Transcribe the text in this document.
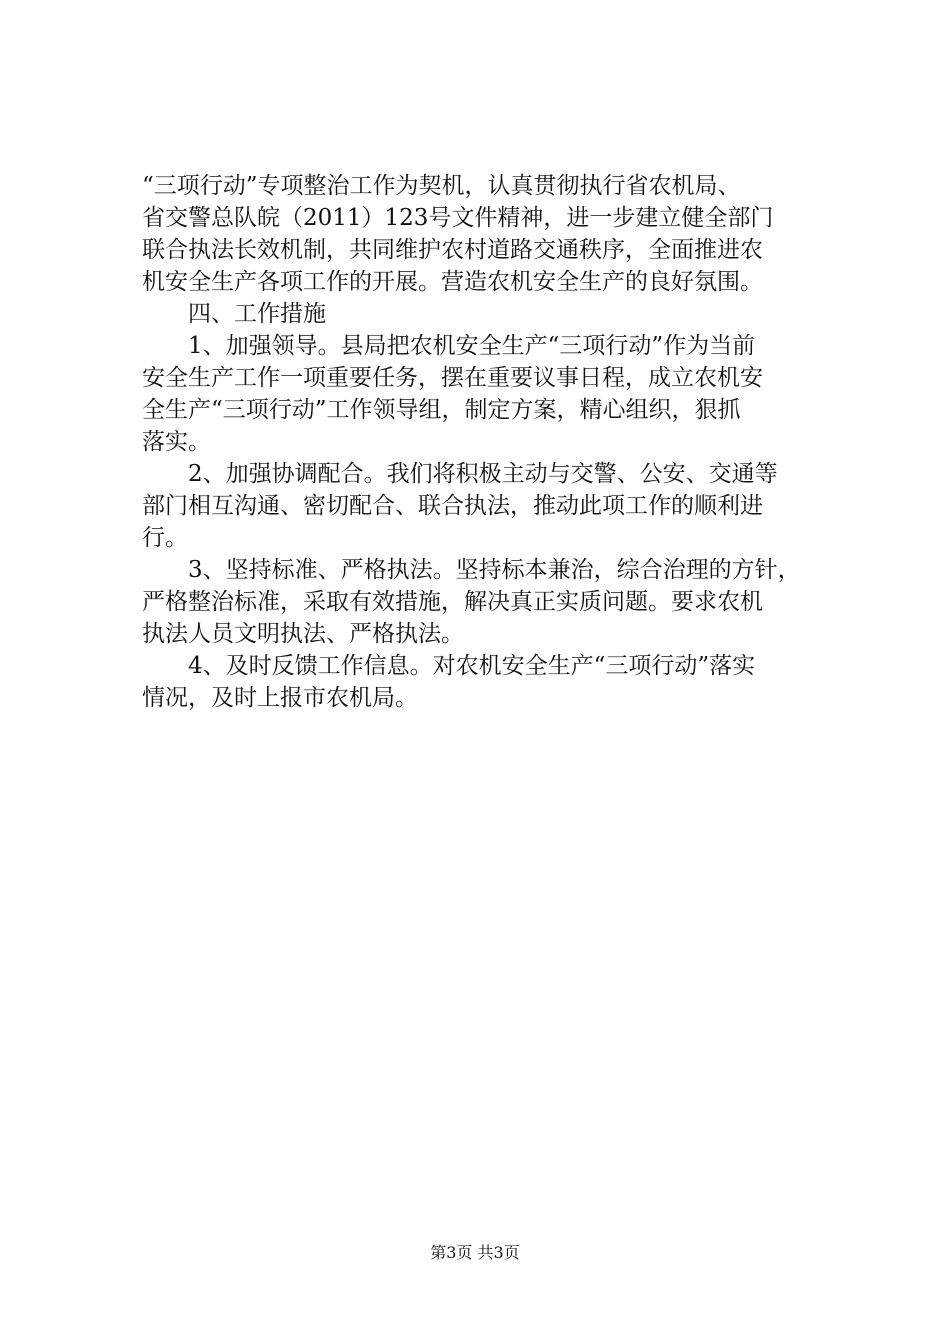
“三项行动”专项整治工作为契机，认真贯彻执行省农机局、
省交警总队皖（2011）123号文件精神，进一步建立健全部门
联合执法长效机制，共同维护农村道路交通秩序，全面推进农
机安全生产各项工作的开展。营造农机安全生产的良好氛围。
四、工作措施
1、加强领导。县局把农机安全生产“三项行动”作为当前
安全生产工作一项重要任务，摆在重要议事日程，成立农机安
全生产“三项行动”工作领导组，制定方案，精心组织，狠抓
落实。
2、加强协调配合。我们将积极主动与交警、公安、交通等
部门相互沟通、密切配合、联合执法，推动此项工作的顺利进
行。
3、坚持标准、严格执法。坚持标本兼治，综合治理的方针，
严格整治标准，采取有效措施，解决真正实质问题。要求农机
执法人员文明执法、严格执法。
4、及时反馈工作信息。对农机安全生产“三项行动”落实
情况，及时上报市农机局。
第3页 共3页
